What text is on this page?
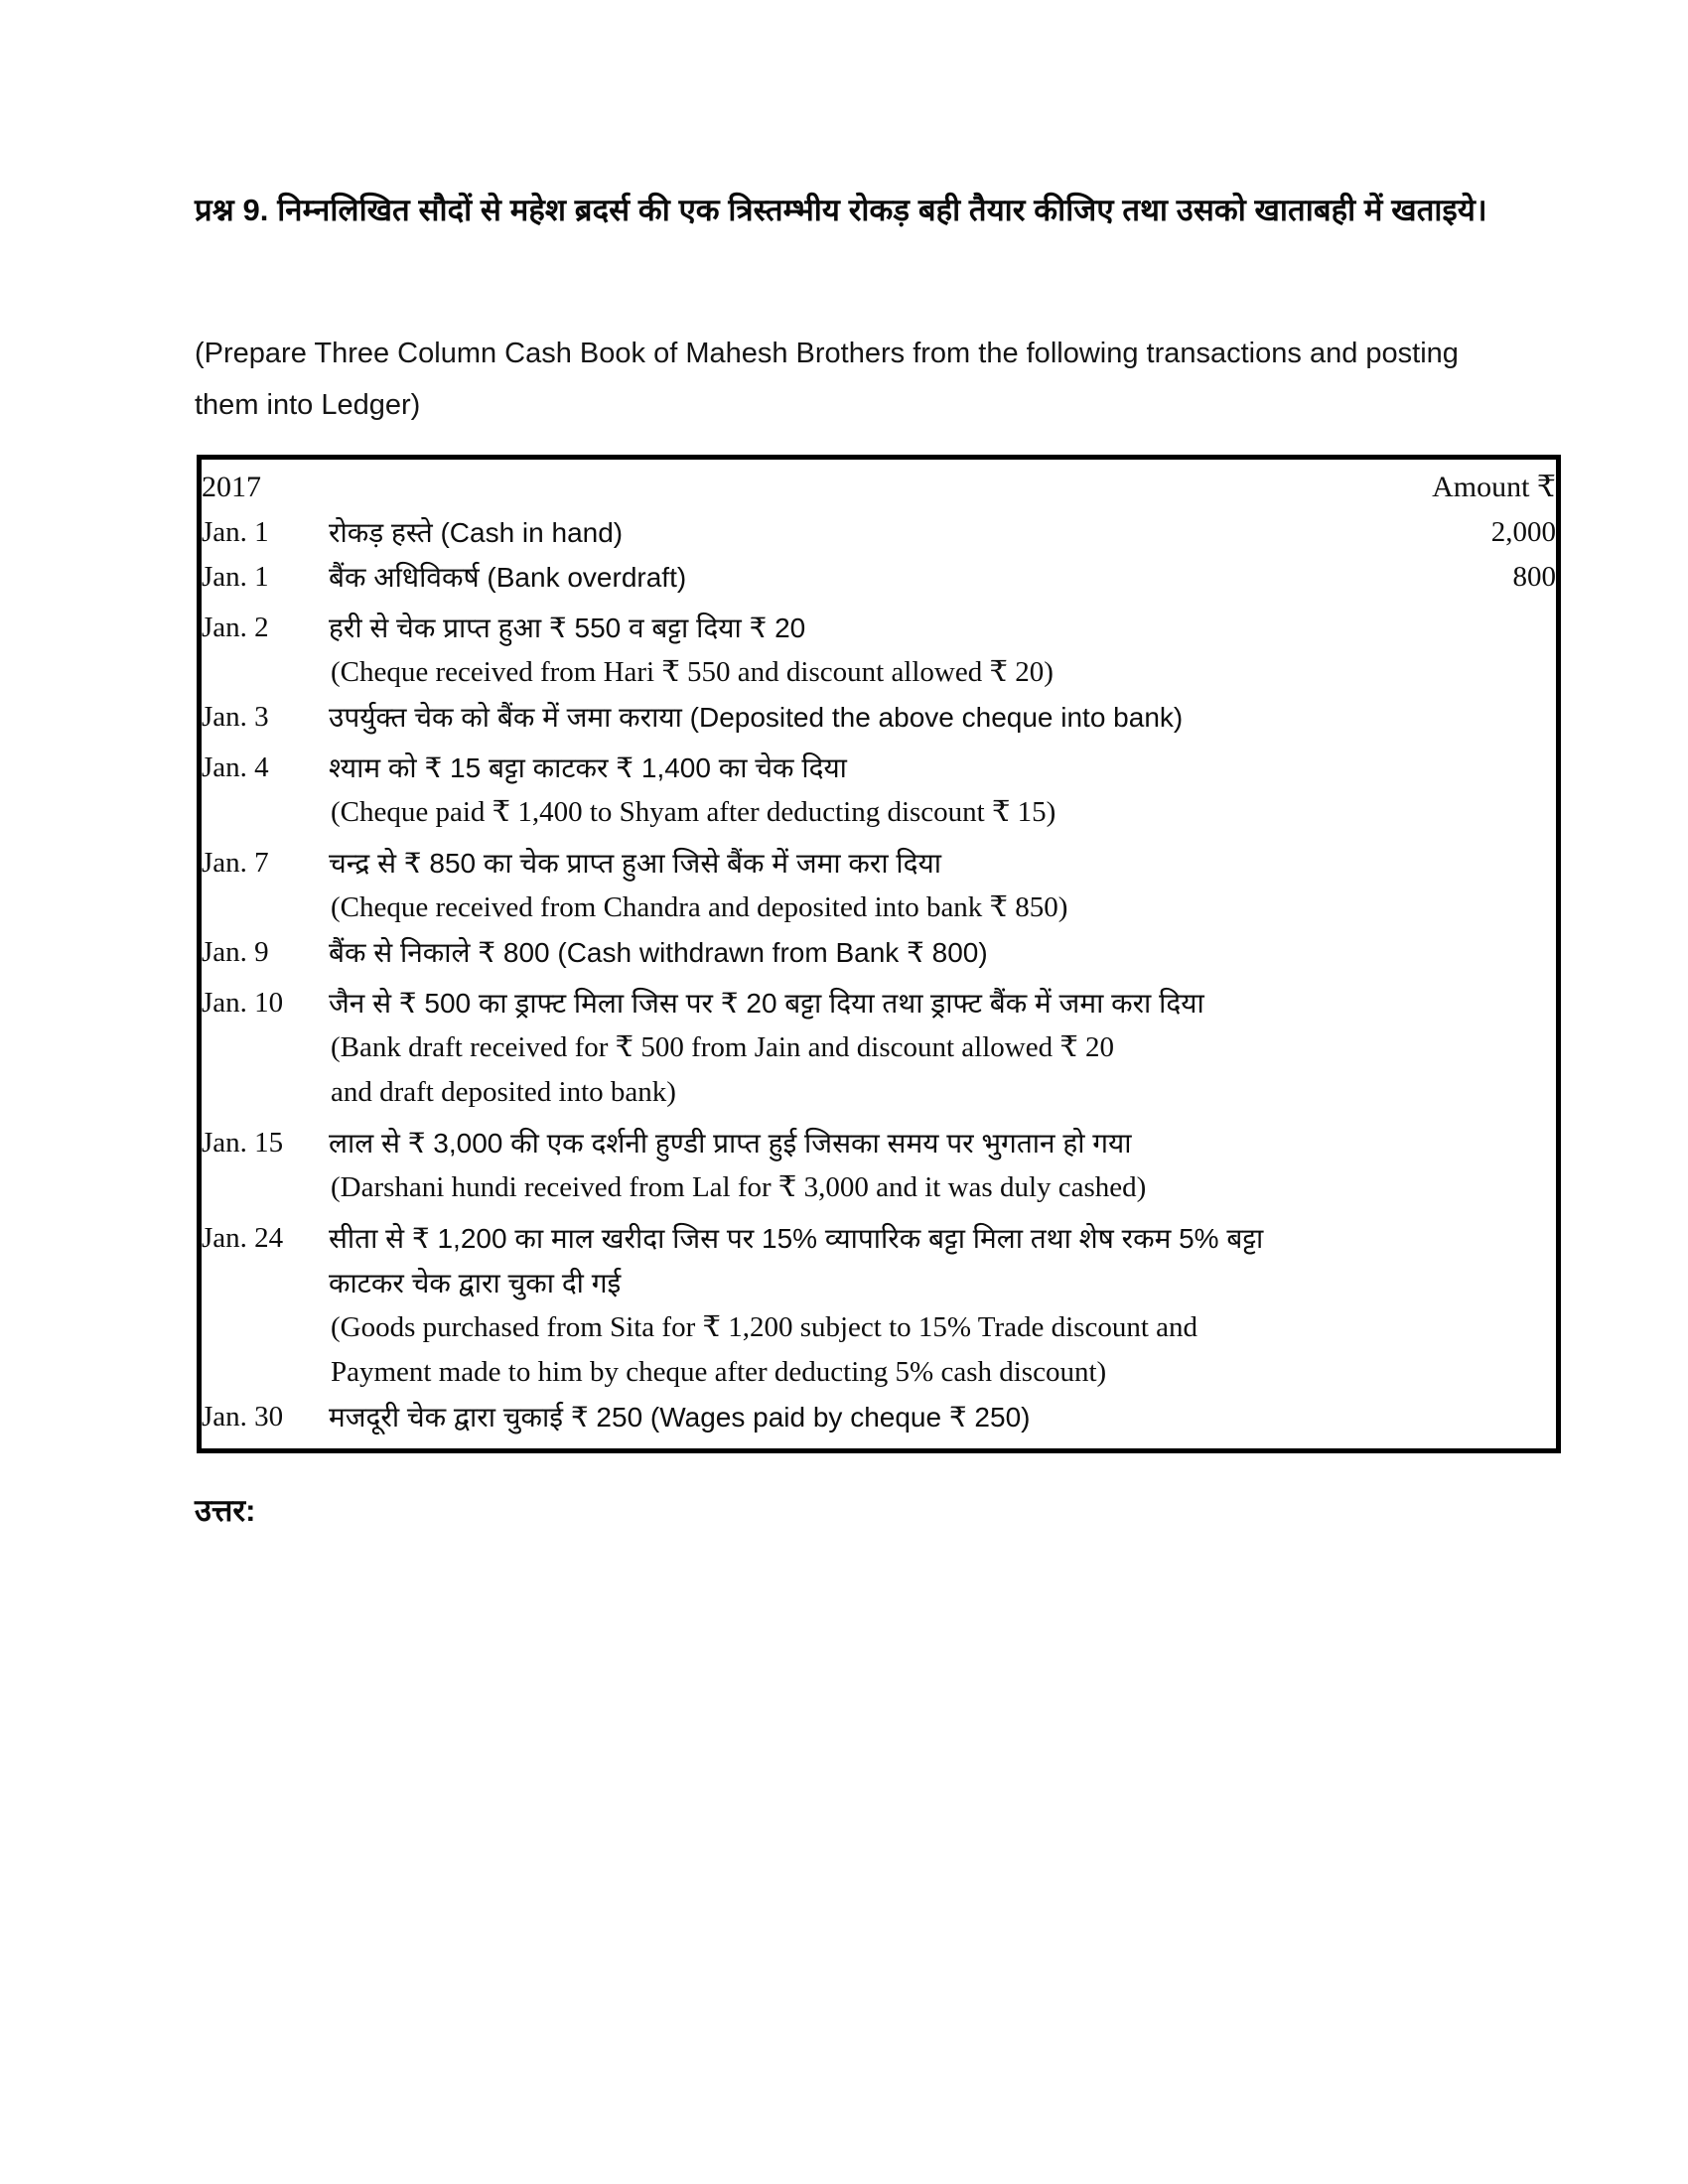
प्रश्न 9. निम्नलिखित सौदों से महेश ब्रदर्स की एक त्रिस्तम्भीय रोकड़ बही तैयार कीजिए तथा उसको खाताबही में खताइये।
(Prepare Three Column Cash Book of Mahesh Brothers from the following transactions and posting them into Ledger)
2017		Amount ₹
Jan. 1	रोकड़ हस्ते (Cash in hand)	2,000
Jan. 1	बैंक अधिविकर्ष (Bank overdraft)	800
Jan. 2	हरी से चेक प्राप्त हुआ ₹ 550 व बट्टा दिया ₹ 20
(Cheque received from Hari ₹ 550 and discount allowed ₹ 20)	

Jan. 3	उपर्युक्त चेक को बैंक में जमा कराया (Deposited the above cheque into bank)	

Jan. 4	श्याम को ₹ 15 बट्टा काटकर ₹ 1,400 का चेक दिया
(Cheque paid ₹ 1,400 to Shyam after deducting discount ₹ 15)	

Jan. 7	चन्द्र से ₹ 850 का चेक प्राप्त हुआ जिसे बैंक में जमा करा दिया
(Cheque received from Chandra and deposited into bank ₹ 850)	

Jan. 9	बैंक से निकाले ₹ 800 (Cash withdrawn from Bank ₹ 800)	

Jan. 10	जैन से ₹ 500 का ड्राफ्ट मिला जिस पर ₹ 20 बट्टा दिया तथा ड्राफ्ट बैंक में जमा करा दिया
(Bank draft received for ₹ 500 from Jain and discount allowed ₹ 20
and draft deposited into bank)	

Jan. 15	लाल से ₹ 3,000 की एक दर्शनी हुण्डी प्राप्त हुई जिसका समय पर भुगतान हो गया
(Darshani hundi received from Lal for ₹ 3,000 and it was duly cashed)	

Jan. 24	सीता से ₹ 1,200 का माल खरीदा जिस पर 15% व्यापारिक बट्टा मिला तथा शेष रकम 5% बट्टा
काटकर चेक द्वारा चुका दी गई
(Goods purchased from Sita for ₹ 1,200 subject to 15% Trade discount and
Payment made to him by cheque after deducting 5% cash discount)	

Jan. 30	मजदूरी चेक द्वारा चुकाई ₹ 250 (Wages paid by cheque ₹ 250)	

उत्तर:
